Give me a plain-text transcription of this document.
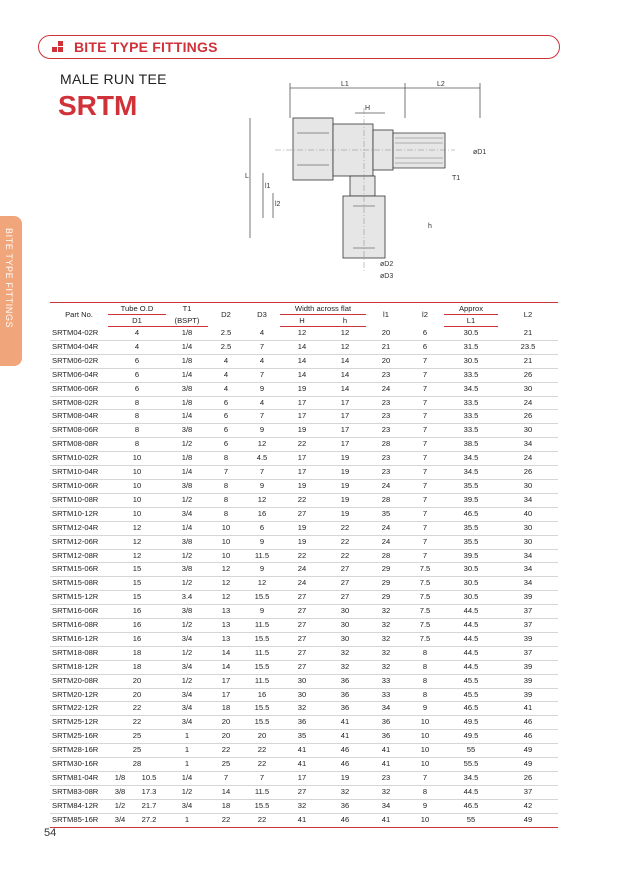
BITE TYPE FITTINGS
BITE TYPE FITTINGS
MALE RUN TEE
SRTM
L1	L2
H
øD1
T1
h
øD2
øD3
L
l1
l2
Part No.	Tube O.D		T1	D2	D3	Width across flat		l1	l2	Approx	L2
	D1		(BSPT)			H	h			L1	
SRTM04-02R	4		1/8	2.5	4	12	12	20	6	30.5	21
SRTM04-04R	4		1/4	2.5	7	14	12	21	6	31.5	23.5
SRTM06-02R	6		1/8	4	4	14	14	20	7	30.5	21
SRTM06-04R	6		1/4	4	7	14	14	23	7	33.5	26
SRTM06-06R	6		3/8	4	9	19	14	24	7	34.5	30
SRTM08-02R	8		1/8	6	4	17	17	23	7	33.5	24
SRTM08-04R	8		1/4	6	7	17	17	23	7	33.5	26
SRTM08-06R	8		3/8	6	9	19	17	23	7	33.5	30
SRTM08-08R	8		1/2	6	12	22	17	28	7	38.5	34
SRTM10-02R	10		1/8	8	4.5	17	19	23	7	34.5	24
SRTM10-04R	10		1/4	7	7	17	19	23	7	34.5	26
SRTM10-06R	10		3/8	8	9	19	19	24	7	35.5	30
SRTM10-08R	10		1/2	8	12	22	19	28	7	39.5	34
SRTM10-12R	10		3/4	8	16	27	19	35	7	46.5	40
SRTM12-04R	12		1/4	10	6	19	22	24	7	35.5	30
SRTM12-06R	12		3/8	10	9	19	22	24	7	35.5	30
SRTM12-08R	12		1/2	10	11.5	22	22	28	7	39.5	34
SRTM15-06R	15		3/8	12	9	24	27	29	7.5	30.5	34
SRTM15-08R	15		1/2	12	12	24	27	29	7.5	30.5	34
SRTM15-12R	15		3.4	12	15.5	27	27	29	7.5	30.5	39
SRTM16-06R	16		3/8	13	9	27	30	32	7.5	44.5	37
SRTM16-08R	16		1/2	13	11.5	27	30	32	7.5	44.5	37
SRTM16-12R	16		3/4	13	15.5	27	30	32	7.5	44.5	39
SRTM18-08R	18		1/2	14	11.5	27	32	32	8	44.5	37
SRTM18-12R	18		3/4	14	15.5	27	32	32	8	44.5	39
SRTM20-08R	20		1/2	17	11.5	30	36	33	8	45.5	39
SRTM20-12R	20		3/4	17	16	30	36	33	8	45.5	39
SRTM22-12R	22		3/4	18	15.5	32	36	34	9	46.5	41
SRTM25-12R	22		3/4	20	15.5	36	41	36	10	49.5	46
SRTM25-16R	25		1	20	20	35	41	36	10	49.5	46
SRTM28-16R	25		1	22	22	41	46	41	10	55	49
SRTM30-16R	28		1	25	22	41	46	41	10	55.5	49
SRTM81-04R	1/8	10.5	1/4	7	7	17	19	23	7	34.5	26
SRTM83-08R	3/8	17.3	1/2	14	11.5	27	32	32	8	44.5	37
SRTM84-12R	1/2	21.7	3/4	18	15.5	32	36	34	9	46.5	42
SRTM85-16R	3/4	27.2	1	22	22	41	46	41	10	55	49
54
